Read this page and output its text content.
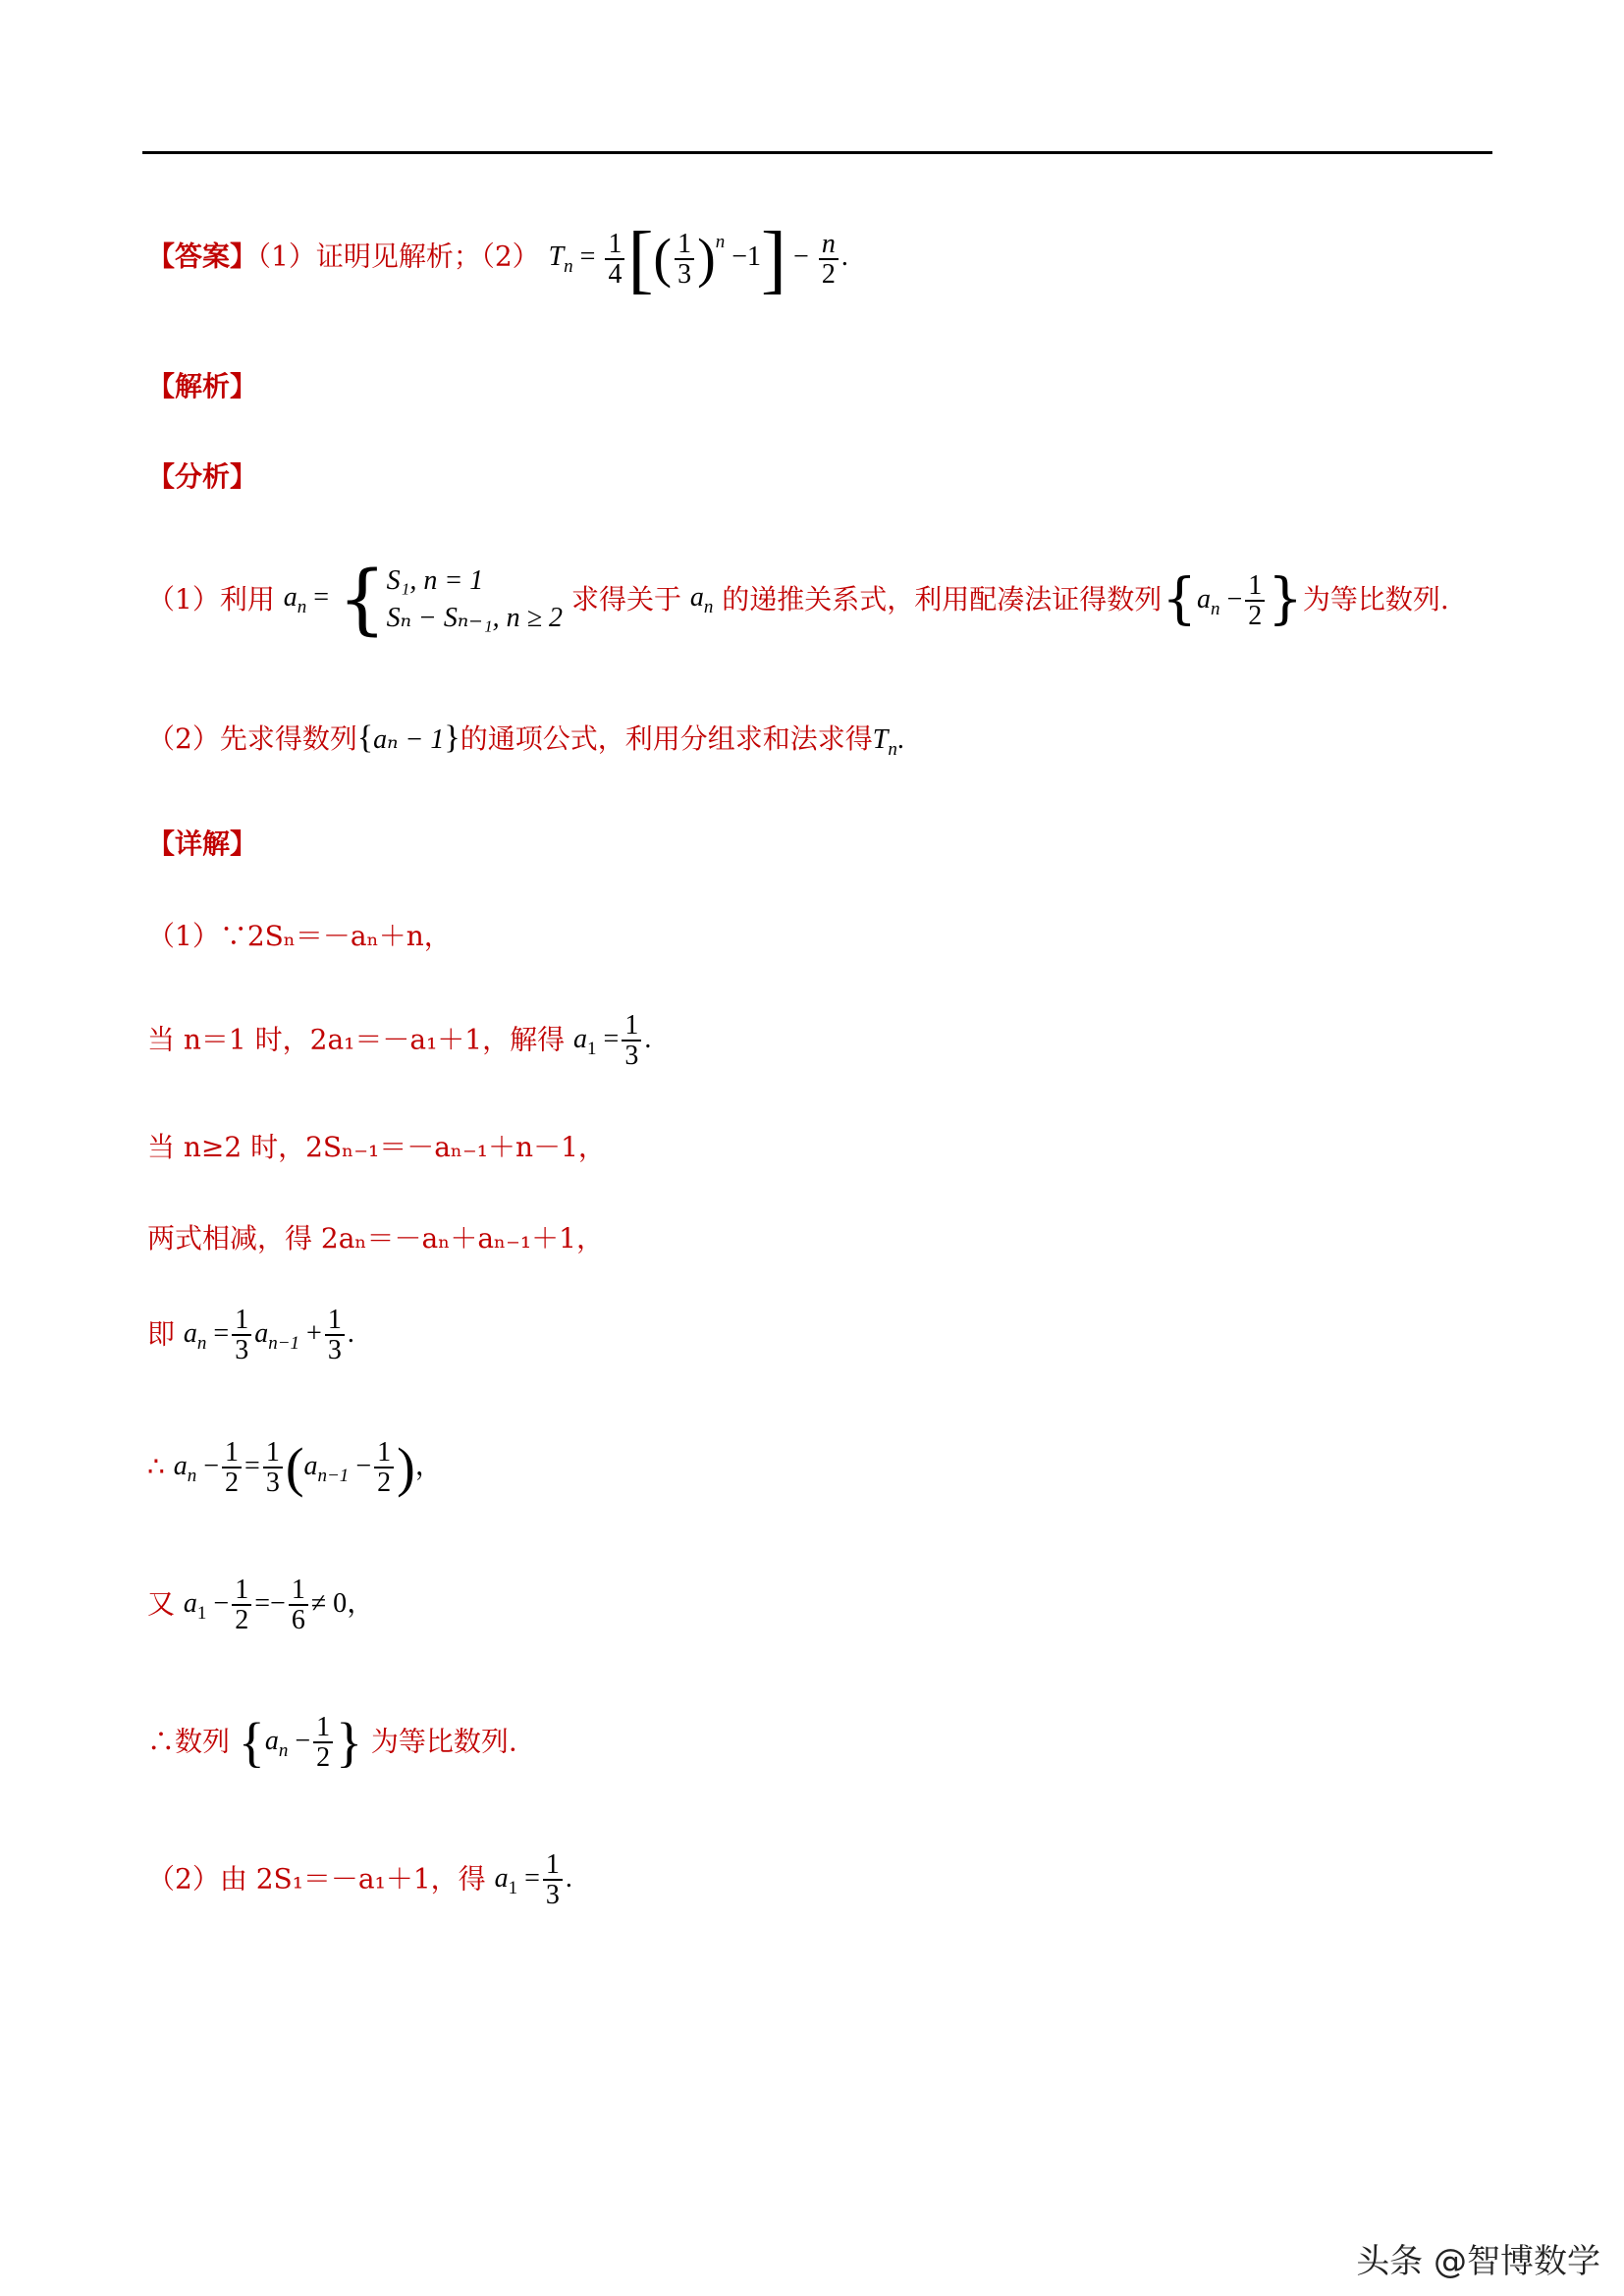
【答案】（1）证明见解析；（2） $T_n = \frac{1}{4}$ [( $\frac{1}{3} )^n -1] - \frac{n}{2}$ .
【解析】
【分析】
（1）利用 $a_n$ = { S₁, n = 1
Sₙ − Sₙ₋₁, n ≥ 2
求得关于 $a_n$ 的递推关系式，利用配凑法证得数列{$a_n - \frac{1}{2}$ }为等比数列.
（2）先求得数列{aₙ − 1}的通项公式，利用分组求和法求得$T_n$.
【详解】
（1）∵2Sₙ＝－aₙ＋n，
当 n＝1 时，2a₁＝－a₁＋1，解得 $a_1 = \frac{1}{3}$ .
当 n≥2 时，2Sₙ₋₁＝－aₙ₋₁＋n－1，
两式相减，得 2aₙ＝－aₙ＋aₙ₋₁＋1，
即 $a_n = \frac{1}{3} a_{n-1} + \frac{1}{3}$ .
∴ $a_n - \frac{1}{2} = \frac{1}{3} (a_{n-1} - \frac{1}{2}$ )，
又 $a_1 - \frac{1}{2} =- \frac{1}{6} \ne 0$，
∴数列 {$a_n - \frac{1}{2}$ } 为等比数列.
（2）由 2S₁＝－a₁＋1，得 $a_1 = \frac{1}{3}$ .
头条 @智博数学
